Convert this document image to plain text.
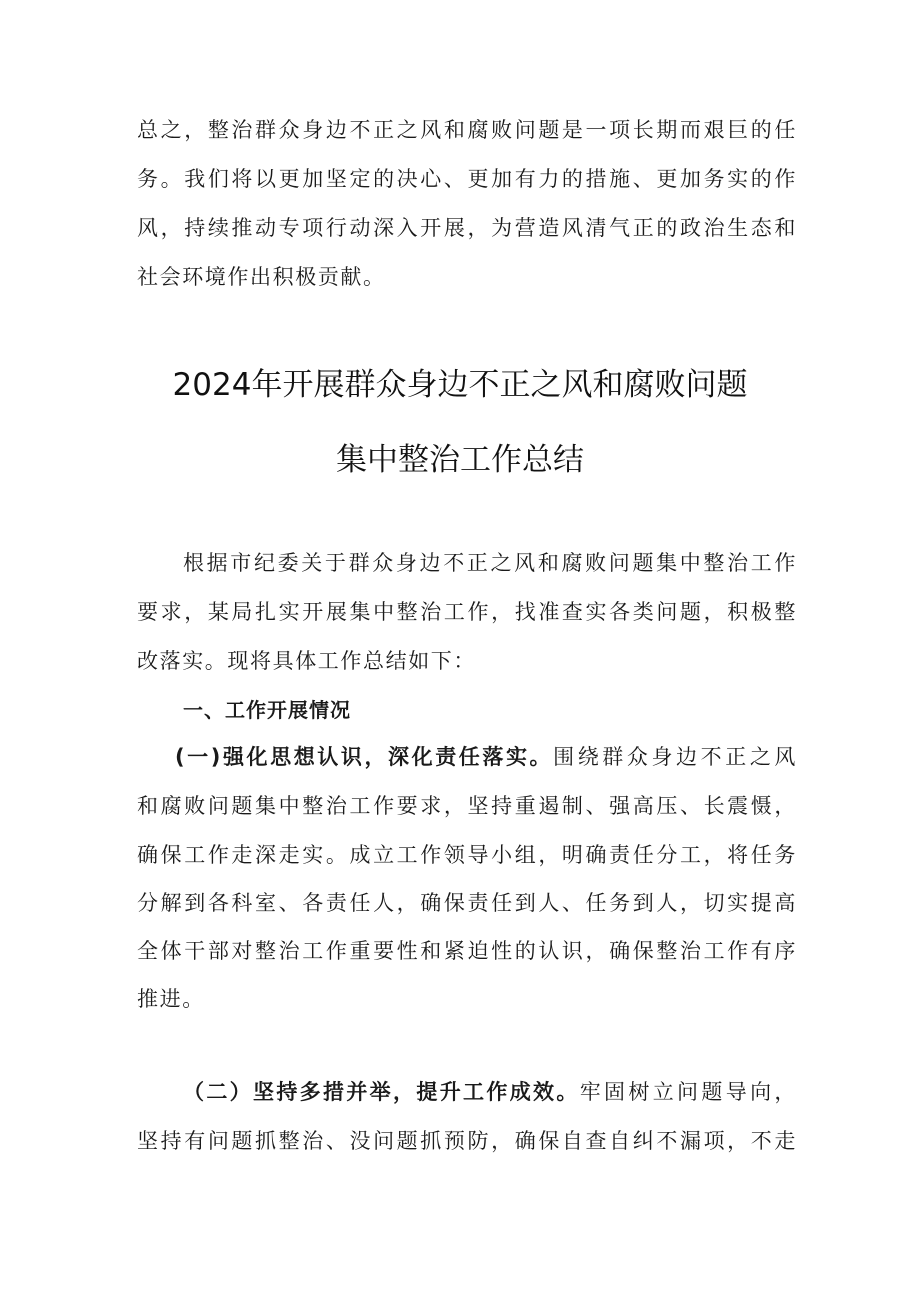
总之，整治群众身边不正之风和腐败问题是一项长期而艰巨的任
务。我们将以更加坚定的决心、更加有力的措施、更加务实的作
风，持续推动专项行动深入开展，为营造风清气正的政治生态和
社会环境作出积极贡献。
2024年开展群众身边不正之风和腐败问题
集中整治工作总结
根据市纪委关于群众身边不正之风和腐败问题集中整治工作
要求，某局扎实开展集中整治工作，找准查实各类问题，积极整
改落实。现将具体工作总结如下：
一、工作开展情况
(一)强化思想认识，深化责任落实。围绕群众身边不正之风
和腐败问题集中整治工作要求，坚持重遏制、强高压、长震慑，
确保工作走深走实。成立工作领导小组，明确责任分工，将任务
分解到各科室、各责任人，确保责任到人、任务到人，切实提高
全体干部对整治工作重要性和紧迫性的认识，确保整治工作有序
推进。
（二）坚持多措并举，提升工作成效。牢固树立问题导向，
坚持有问题抓整治、没问题抓预防，确保自查自纠不漏项，不走
